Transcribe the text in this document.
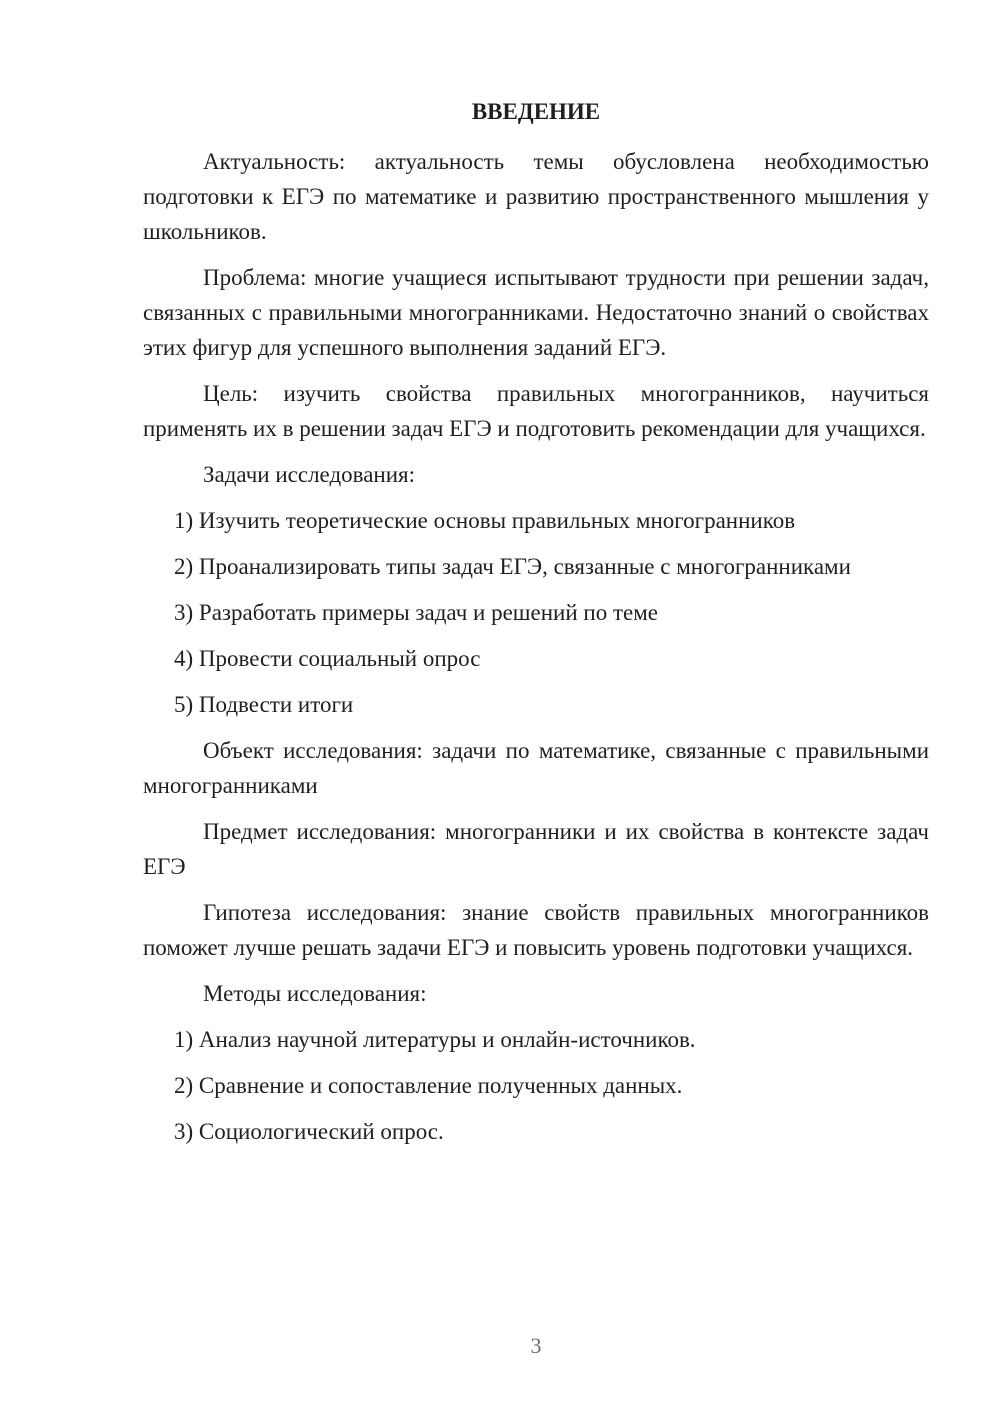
ВВЕДЕНИЕ
Актуальность: актуальность темы обусловлена необходимостью подготовки к ЕГЭ по математике и развитию пространственного мышления у школьников.
Проблема: многие учащиеся испытывают трудности при решении задач, связанных с правильными многогранниками. Недостаточно знаний о свойствах этих фигур для успешного выполнения заданий ЕГЭ.
Цель: изучить свойства правильных многогранников, научиться применять их в решении задач ЕГЭ и подготовить рекомендации для учащихся.
Задачи исследования:
1) Изучить теоретические основы правильных многогранников
2) Проанализировать типы задач ЕГЭ, связанные с многогранниками
3) Разработать примеры задач и решений по теме
4) Провести социальный опрос
5) Подвести итоги
Объект исследования: задачи по математике, связанные с правильными многогранниками
Предмет исследования: многогранники и их свойства в контексте задач ЕГЭ
Гипотеза исследования: знание свойств правильных многогранников поможет лучше решать задачи ЕГЭ и повысить уровень подготовки учащихся.
Методы исследования:
1) Анализ научной литературы и онлайн-источников.
2) Сравнение и сопоставление полученных данных.
3) Социологический опрос.
3
